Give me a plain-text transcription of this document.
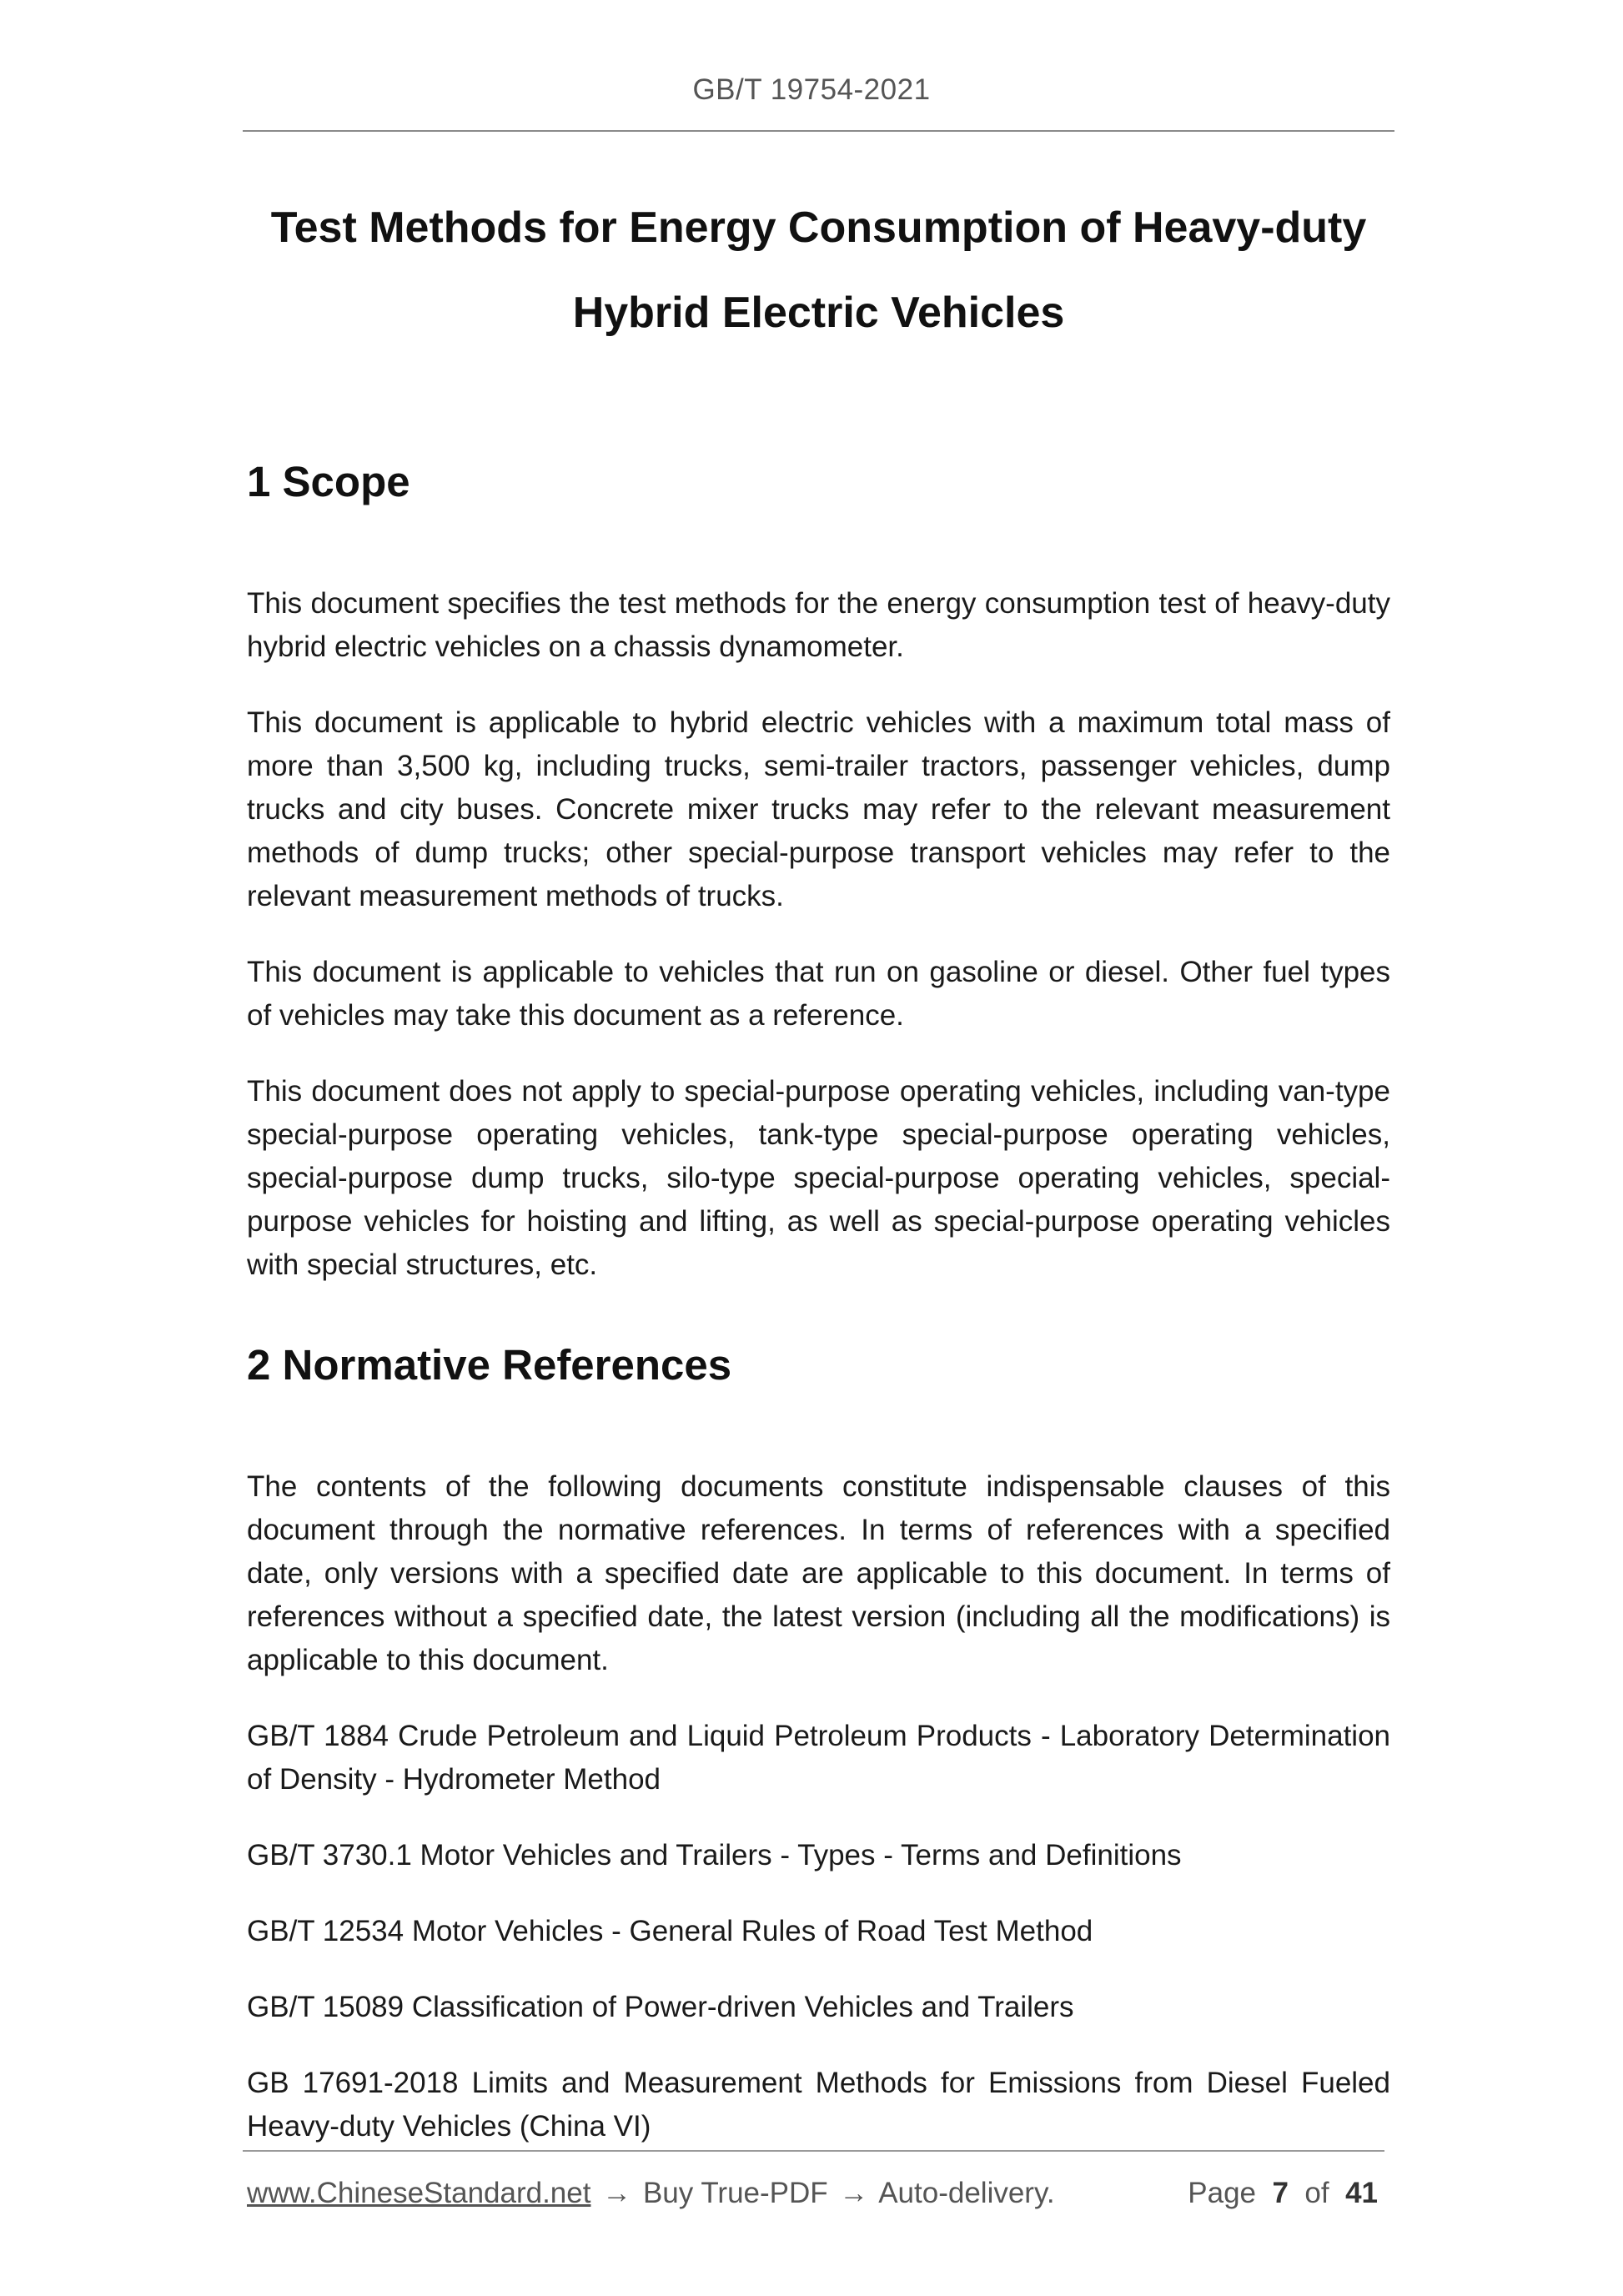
GB/T 19754-2021
Test Methods for Energy Consumption of Heavy-duty
Hybrid Electric Vehicles
1 Scope

This document specifies the test methods for the energy consumption test of heavy-duty hybrid electric vehicles on a chassis dynamometer.

This document is applicable to hybrid electric vehicles with a maximum total mass of more than 3,500 kg, including trucks, semi-trailer tractors, passenger vehicles, dump trucks and city buses. Concrete mixer trucks may refer to the relevant measurement methods of dump trucks; other special-purpose transport vehicles may refer to the relevant measurement methods of trucks.

This document is applicable to vehicles that run on gasoline or diesel. Other fuel types of vehicles may take this document as a reference.

This document does not apply to special-purpose operating vehicles, including van-type special-purpose operating vehicles, tank-type special-purpose operating vehicles, special-purpose dump trucks, silo-type special-purpose operating vehicles, special-purpose vehicles for hoisting and lifting, as well as special-purpose operating vehicles with special structures, etc.

2 Normative References

The contents of the following documents constitute indispensable clauses of this document through the normative references. In terms of references with a specified date, only versions with a specified date are applicable to this document. In terms of references without a specified date, the latest version (including all the modifications) is applicable to this document.

GB/T 1884 Crude Petroleum and Liquid Petroleum Products - Laboratory Determination of Density - Hydrometer Method

GB/T 3730.1 Motor Vehicles and Trailers - Types - Terms and Definitions

GB/T 12534 Motor Vehicles - General Rules of Road Test Method

GB/T 15089 Classification of Power-driven Vehicles and Trailers

GB 17691-2018 Limits and Measurement Methods for Emissions from Diesel Fueled Heavy-duty Vehicles (China VI)

www.ChineseStandard.net → Buy True-PDF → Auto-delivery.	Page 7 of 41
